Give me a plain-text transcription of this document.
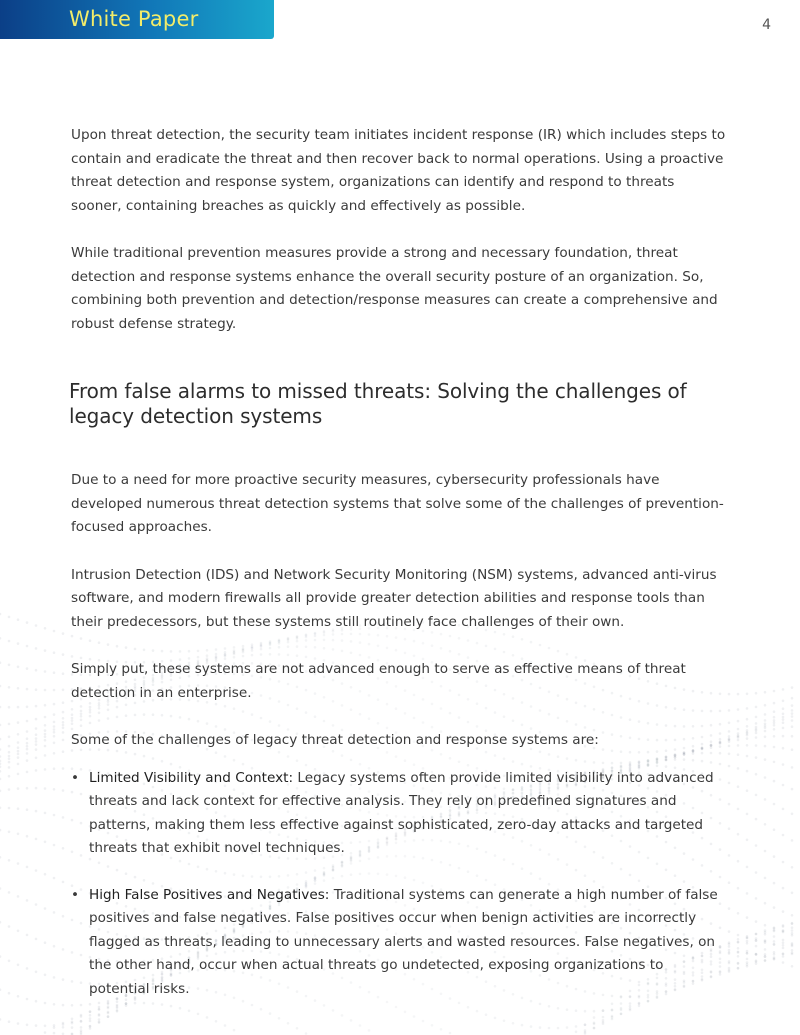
White Paper	4

Upon threat detection, the security team initiates incident response (IR) which includes steps to contain and eradicate the threat and then recover back to normal operations. Using a proactive threat detection and response system, organizations can identify and respond to threats sooner, containing breaches as quickly and effectively as possible.

While traditional prevention measures provide a strong and necessary foundation, threat detection and response systems enhance the overall security posture of an organization. So, combining both prevention and detection/response measures can create a comprehensive and robust defense strategy.

From false alarms to missed threats: Solving the challenges of legacy detection systems

Due to a need for more proactive security measures, cybersecurity professionals have developed numerous threat detection systems that solve some of the challenges of prevention-focused approaches.

Intrusion Detection (IDS) and Network Security Monitoring (NSM) systems, advanced anti-virus software, and modern firewalls all provide greater detection abilities and response tools than their predecessors, but these systems still routinely face challenges of their own.

Simply put, these systems are not advanced enough to serve as effective means of threat detection in an enterprise.

Some of the challenges of legacy threat detection and response systems are:

• Limited Visibility and Context: Legacy systems often provide limited visibility into advanced threats and lack context for effective analysis. They rely on predefined signatures and patterns, making them less effective against sophisticated, zero-day attacks and targeted threats that exhibit novel techniques.
• High False Positives and Negatives: Traditional systems can generate a high number of false positives and false negatives. False positives occur when benign activities are incorrectly flagged as threats, leading to unnecessary alerts and wasted resources. False negatives, on the other hand, occur when actual threats go undetected, exposing organizations to potential risks.
